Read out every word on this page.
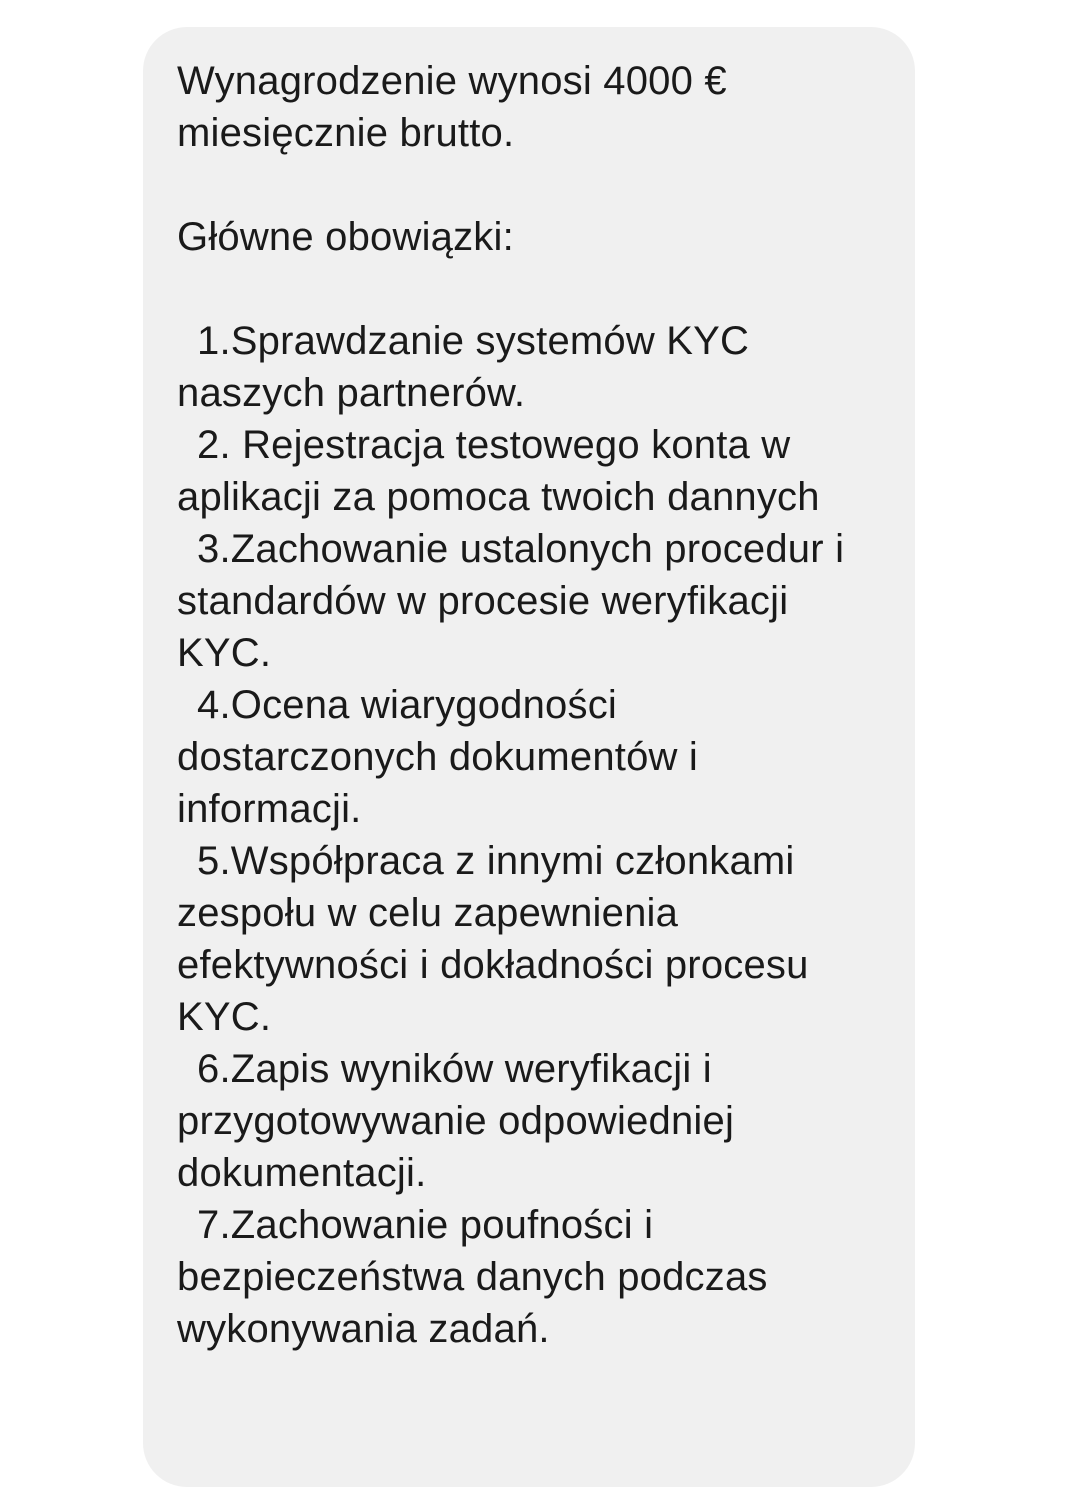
Wynagrodzenie wynosi 4000 € miesięcznie brutto.

Główne obowiązki:

1.Sprawdzanie systemów KYC naszych partnerów.

2. Rejestracja testowego konta w aplikacji za pomoca twoich dannych

3.Zachowanie ustalonych procedur i standardów w procesie weryfikacji KYC.

4.Ocena wiarygodności dostarczonych dokumentów i informacji.

5.Współpraca z innymi członkami zespołu w celu zapewnienia efektywności i dokładności procesu KYC.

6.Zapis wyników weryfikacji i przygotowywanie odpowiedniej dokumentacji.

7.Zachowanie poufności i bezpieczeństwa danych podczas wykonywania zadań.
